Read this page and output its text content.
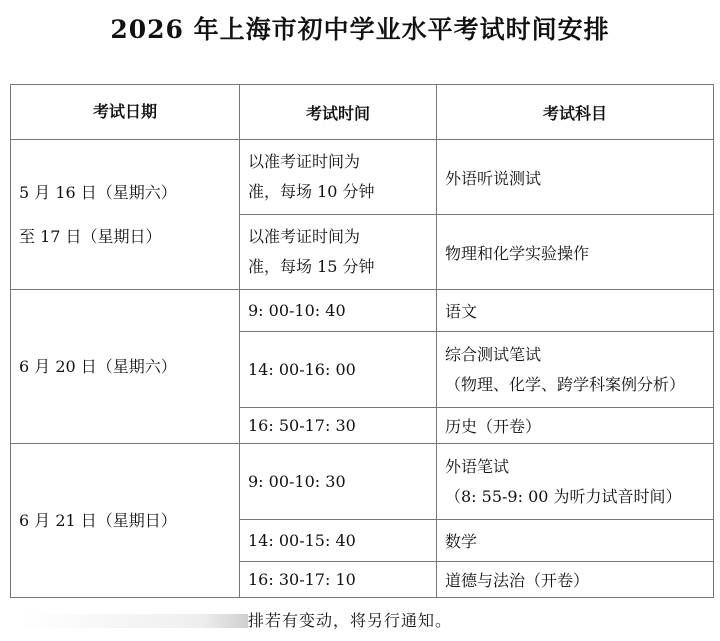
2026 年上海市初中学业水平考试时间安排
考试日期	考试时间	考试科目

5 月 16 日（星期六）
至 17 日（星期日）	以准考证时间为
准，每场 10 分钟	外语听说测试

	以准考证时间为
准，每场 15 分钟	物理和化学实验操作

6 月 20 日（星期六）	9: 00-10: 40	语文

	14: 00-16: 00	综合测试笔试
（物理、化学、跨学科案例分析）

	16: 50-17: 30	历史（开卷）

6 月 21 日（星期日）	9: 00-10: 30	外语笔试
（8: 55-9: 00 为听力试音时间）

	14: 00-15: 40	数学

	16: 30-17: 10	道德与法治（开卷）
排若有变动，将另行通知。
